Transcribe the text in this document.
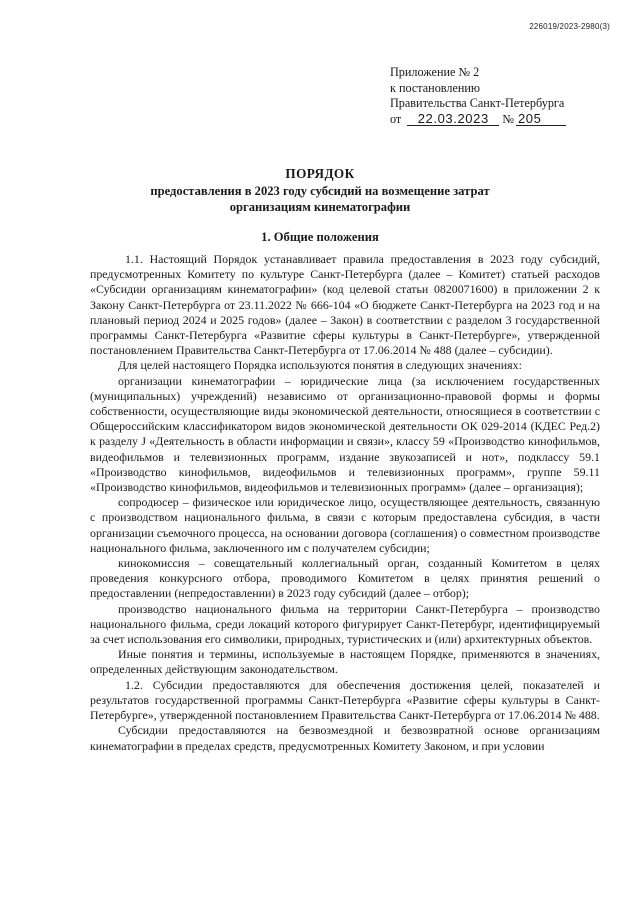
226019/2023-2980(3)
Приложение № 2
к постановлению
Правительства Санкт-Петербурга
от 22.03.2023 № 205
ПОРЯДОК
предоставления в 2023 году субсидий на возмещение затрат
организациям кинематографии
1. Общие положения

1.1. Настоящий Порядок устанавливает правила предоставления в 2023 году субсидий, предусмотренных Комитету по культуре Санкт-Петербурга (далее – Комитет) статьей расходов «Субсидии организациям кинематографии» (код целевой статьи 0820071600) в приложении 2 к Закону Санкт-Петербурга от 23.11.2022 № 666-104 «О бюджете Санкт-Петербурга на 2023 год и на плановый период 2024 и 2025 годов» (далее – Закон) в соответствии с разделом 3 государственной программы Санкт-Петербурга «Развитие сферы культуры в Санкт-Петербурге», утвержденной постановлением Правительства Санкт-Петербурга от 17.06.2014 № 488 (далее – субсидии).

Для целей настоящего Порядка используются понятия в следующих значениях:

организации кинематографии – юридические лица (за исключением государственных (муниципальных) учреждений) независимо от организационно-правовой формы и формы собственности, осуществляющие виды экономической деятельности, относящиеся в соответствии с Общероссийским классификатором видов экономической деятельности ОК 029-2014 (КДЕС Ред.2) к разделу J «Деятельность в области информации и связи», классу 59 «Производство кинофильмов, видеофильмов и телевизионных программ, издание звукозаписей и нот», подклассу 59.1 «Производство кинофильмов, видеофильмов и телевизионных программ», группе 59.11 «Производство кинофильмов, видеофильмов и телевизионных программ» (далее – организация);

сопродюсер – физическое или юридическое лицо, осуществляющее деятельность, связанную с производством национального фильма, в связи с которым предоставлена субсидия, в части организации съемочного процесса, на основании договора (соглашения) о совместном производстве национального фильма, заключенного им с получателем субсидии;

кинокомиссия – совещательный коллегиальный орган, созданный Комитетом в целях проведения конкурсного отбора, проводимого Комитетом в целях принятия решений о предоставлении (непредоставлении) в 2023 году субсидий (далее – отбор);

производство национального фильма на территории Санкт-Петербурга – производство национального фильма, среди локаций которого фигурирует Санкт-Петербург, идентифицируемый за счет использования его символики, природных, туристических и (или) архитектурных объектов.

Иные понятия и термины, используемые в настоящем Порядке, применяются в значениях, определенных действующим законодательством.

1.2. Субсидии предоставляются для обеспечения достижения целей, показателей и результатов государственной программы Санкт-Петербурга «Развитие сферы культуры в Санкт-Петербурге», утвержденной постановлением Правительства Санкт-Петербурга от 17.06.2014 № 488.

Субсидии предоставляются на безвозмездной и безвозвратной основе организациям кинематографии в пределах средств, предусмотренных Комитету Законом, и при условии
